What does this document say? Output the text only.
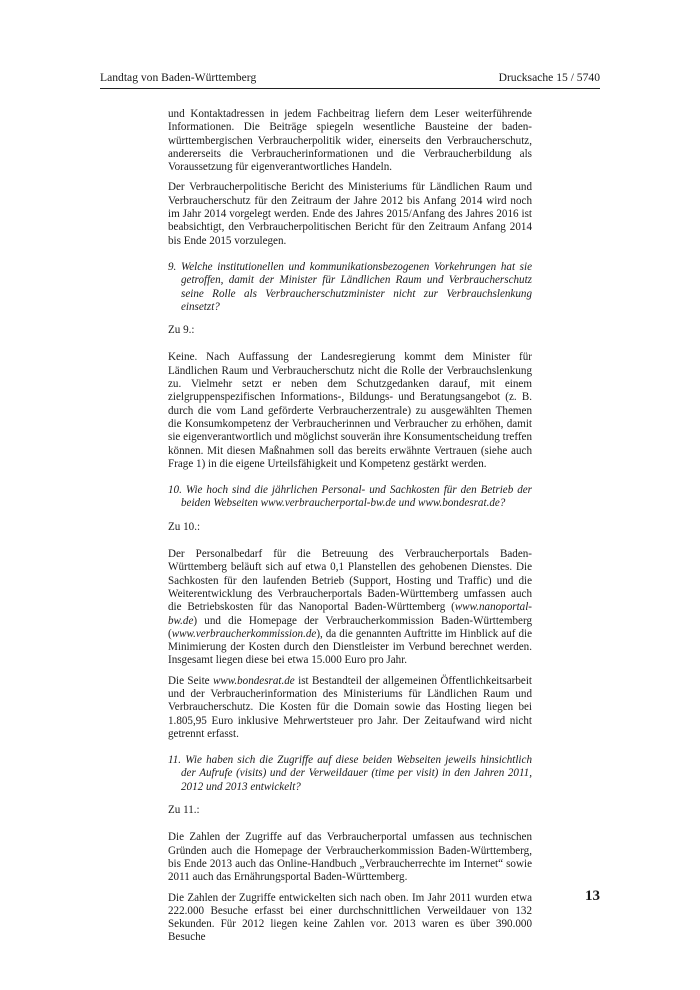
Landtag von Baden-Württemberg	Drucksache 15 / 5740

und Kontaktadressen in jedem Fachbeitrag liefern dem Leser weiterführende Informationen. Die Beiträge spiegeln wesentliche Bausteine der baden-württembergischen Verbraucherpolitik wider, einerseits den Verbraucherschutz, andererseits die Verbraucherinformationen und die Verbraucherbildung als Voraussetzung für eigenverantwortliches Handeln.

Der Verbraucherpolitische Bericht des Ministeriums für Ländlichen Raum und Verbraucherschutz für den Zeitraum der Jahre 2012 bis Anfang 2014 wird noch im Jahr 2014 vorgelegt werden. Ende des Jahres 2015/Anfang des Jahres 2016 ist beabsichtigt, den Verbraucherpolitischen Bericht für den Zeitraum Anfang 2014 bis Ende 2015 vorzulegen.

9. Welche institutionellen und kommunikationsbezogenen Vorkehrungen hat sie getroffen, damit der Minister für Ländlichen Raum und Verbraucherschutz seine Rolle als Verbraucherschutzminister nicht zur Verbrauchslenkung einsetzt?

Zu 9.:

Keine. Nach Auffassung der Landesregierung kommt dem Minister für Ländlichen Raum und Verbraucherschutz nicht die Rolle der Verbrauchslenkung zu. Vielmehr setzt er neben dem Schutzgedanken darauf, mit einem zielgruppenspezifischen Informations-, Bildungs- und Beratungsangebot (z. B. durch die vom Land geförderte Verbraucherzentrale) zu ausgewählten Themen die Konsumkompetenz der Verbraucherinnen und Verbraucher zu erhöhen, damit sie eigenverantwortlich und möglichst souverän ihre Konsumentscheidung treffen können. Mit diesen Maßnahmen soll das bereits erwähnte Vertrauen (siehe auch Frage 1) in die eigene Urteilsfähigkeit und Kompetenz gestärkt werden.

10. Wie hoch sind die jährlichen Personal- und Sachkosten für den Betrieb der beiden Webseiten www.verbraucherportal-bw.de und www.bondesrat.de?

Zu 10.:

Der Personalbedarf für die Betreuung des Verbraucherportals Baden-Württemberg beläuft sich auf etwa 0,1 Planstellen des gehobenen Dienstes. Die Sachkosten für den laufenden Betrieb (Support, Hosting und Traffic) und die Weiterentwicklung des Verbraucherportals Baden-Württemberg umfassen auch die Betriebskosten für das Nanoportal Baden-Württemberg (www.nanoportal-bw.de) und die Homepage der Verbraucherkommission Baden-Württemberg (www.verbraucherkommission.de), da die genannten Auftritte im Hinblick auf die Minimierung der Kosten durch den Dienstleister im Verbund berechnet werden. Insgesamt liegen diese bei etwa 15.000 Euro pro Jahr.

Die Seite www.bondesrat.de ist Bestandteil der allgemeinen Öffentlichkeitsarbeit und der Verbraucherinformation des Ministeriums für Ländlichen Raum und Verbraucherschutz. Die Kosten für die Domain sowie das Hosting liegen bei 1.805,95 Euro inklusive Mehrwertsteuer pro Jahr. Der Zeitaufwand wird nicht getrennt erfasst.

11. Wie haben sich die Zugriffe auf diese beiden Webseiten jeweils hinsichtlich der Aufrufe (visits) und der Verweildauer (time per visit) in den Jahren 2011, 2012 und 2013 entwickelt?

Zu 11.:

Die Zahlen der Zugriffe auf das Verbraucherportal umfassen aus technischen Gründen auch die Homepage der Verbraucherkommission Baden-Württemberg, bis Ende 2013 auch das Online-Handbuch „Verbraucherrechte im Internet“ sowie 2011 auch das Ernährungsportal Baden-Württemberg.

Die Zahlen der Zugriffe entwickelten sich nach oben. Im Jahr 2011 wurden etwa 222.000 Besuche erfasst bei einer durchschnittlichen Verweildauer von 132 Sekunden. Für 2012 liegen keine Zahlen vor. 2013 waren es über 390.000 Besuche

13
